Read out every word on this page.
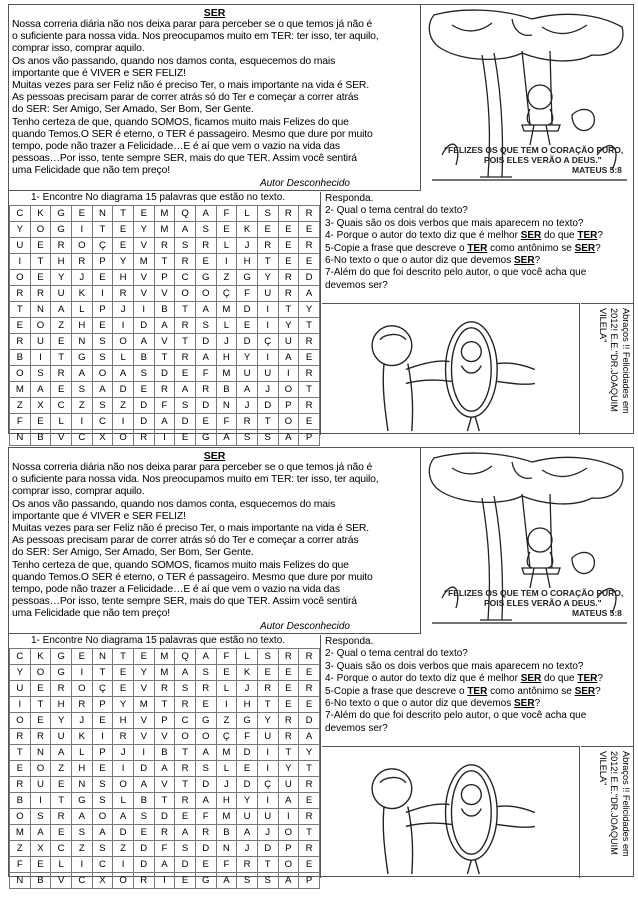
SER
Nossa correria diária não nos deixa parar para perceber se o que temos já não é
o suficiente para nossa vida. Nos preocupamos muito em TER: ter isso, ter aquilo,
comprar isso, comprar aquilo.
Os anos vão passando, quando nos damos conta, esquecemos do mais
importante que é VIVER e SER FELIZ!
Muitas vezes para ser Feliz não é preciso Ter, o mais importante na vida é SER.
As pessoas precisam parar de correr atrás só do Ter e começar a correr atrás
do SER: Ser Amigo, Ser Amado, Ser Bom, Ser Gente.
Tenho certeza de que, quando SOMOS, ficamos muito mais Felizes do que
quando Temos.O SER é eterno, o TER é passageiro. Mesmo que dure por muito
tempo, pode não trazer a Felicidade…E é aí que vem o vazio na vida das
pessoas…Por isso, tente sempre SER, mais do que TER. Assim você sentirá
uma Felicidade que não tem preço!
Autor Desconhecido
"FELIZES OS QUE TEM O CORAÇÃO PURO,
POIS ELES VERÃO A DEUS."
MATEUS 5:8
1- Encontre No diagrama 15 palavras que estão no texto.
C	K	G	E	N	T	E	M	Q	A	F	L	S	R	R
Y	O	G	I	T	E	Y	M	A	S	E	K	E	E	E
U	E	R	O	Ç	E	V	R	S	R	L	J	R	E	R
I	T	H	R	P	Y	M	T	R	E	I	H	T	E	E
O	E	Y	J	E	H	V	P	C	G	Z	G	Y	R	D
R	R	U	K	I	R	V	V	O	O	Ç	F	U	R	A
T	N	A	L	P	J	I	B	T	A	M	D	I	T	Y
E	O	Z	H	E	I	D	A	R	S	L	E	I	Y	T
R	U	E	N	S	O	A	V	T	D	J	D	Ç	U	R
B	I	T	G	S	L	B	T	R	A	H	Y	I	A	E
O	S	R	A	O	A	S	D	E	F	M	U	U	I	R
M	A	E	S	A	D	E	R	A	R	B	A	J	O	T
Z	X	C	Z	S	Z	D	F	S	D	N	J	D	P	R
F	E	L	I	C	I	D	A	D	E	F	R	T	O	E
N	B	V	C	X	O	R	I	E	G	A	S	S	A	P
Responda.
2- Qual o tema central do texto?
3- Quais são os dois verbos que mais aparecem no texto?
4- Porque o autor do texto diz que é melhor SER do que TER?
5-Copie a frase que descreve o TER como antônimo se SER?
6-No texto o que o autor diz que devemos SER?
7-Além do que foi descrito pelo autor, o que você acha que
devemos ser?
Abraços !! Felicidades em 2012! E.E."DR.JOAQUIM VILELA"
SER
Nossa correria diária não nos deixa parar para perceber se o que temos já não é
o suficiente para nossa vida. Nos preocupamos muito em TER: ter isso, ter aquilo,
comprar isso, comprar aquilo.
Os anos vão passando, quando nos damos conta, esquecemos do mais
importante que é VIVER e SER FELIZ!
Muitas vezes para ser Feliz não é preciso Ter, o mais importante na vida é SER.
As pessoas precisam parar de correr atrás só do Ter e começar a correr atrás
do SER: Ser Amigo, Ser Amado, Ser Bom, Ser Gente.
Tenho certeza de que, quando SOMOS, ficamos muito mais Felizes do que
quando Temos.O SER é eterno, o TER é passageiro. Mesmo que dure por muito
tempo, pode não trazer a Felicidade…E é aí que vem o vazio na vida das
pessoas…Por isso, tente sempre SER, mais do que TER. Assim você sentirá
uma Felicidade que não tem preço!
Autor Desconhecido
"FELIZES OS QUE TEM O CORAÇÃO PURO,
POIS ELES VERÃO A DEUS."
MATEUS 5:8
1- Encontre No diagrama 15 palavras que estão no texto.
C	K	G	E	N	T	E	M	Q	A	F	L	S	R	R
Y	O	G	I	T	E	Y	M	A	S	E	K	E	E	E
U	E	R	O	Ç	E	V	R	S	R	L	J	R	E	R
I	T	H	R	P	Y	M	T	R	E	I	H	T	E	E
O	E	Y	J	E	H	V	P	C	G	Z	G	Y	R	D
R	R	U	K	I	R	V	V	O	O	Ç	F	U	R	A
T	N	A	L	P	J	I	B	T	A	M	D	I	T	Y
E	O	Z	H	E	I	D	A	R	S	L	E	I	Y	T
R	U	E	N	S	O	A	V	T	D	J	D	Ç	U	R
B	I	T	G	S	L	B	T	R	A	H	Y	I	A	E
O	S	R	A	O	A	S	D	E	F	M	U	U	I	R
M	A	E	S	A	D	E	R	A	R	B	A	J	O	T
Z	X	C	Z	S	Z	D	F	S	D	N	J	D	P	R
F	E	L	I	C	I	D	A	D	E	F	R	T	O	E
N	B	V	C	X	O	R	I	E	G	A	S	S	A	P
Responda.
2- Qual o tema central do texto?
3- Quais são os dois verbos que mais aparecem no texto?
4- Porque o autor do texto diz que é melhor SER do que TER?
5-Copie a frase que descreve o TER como antônimo se SER?
6-No texto o que o autor diz que devemos SER?
7-Além do que foi descrito pelo autor, o que você acha que
devemos ser?
Abraços !! Felicidades em 2012! E.E."DR.JOAQUIM VILELA"
